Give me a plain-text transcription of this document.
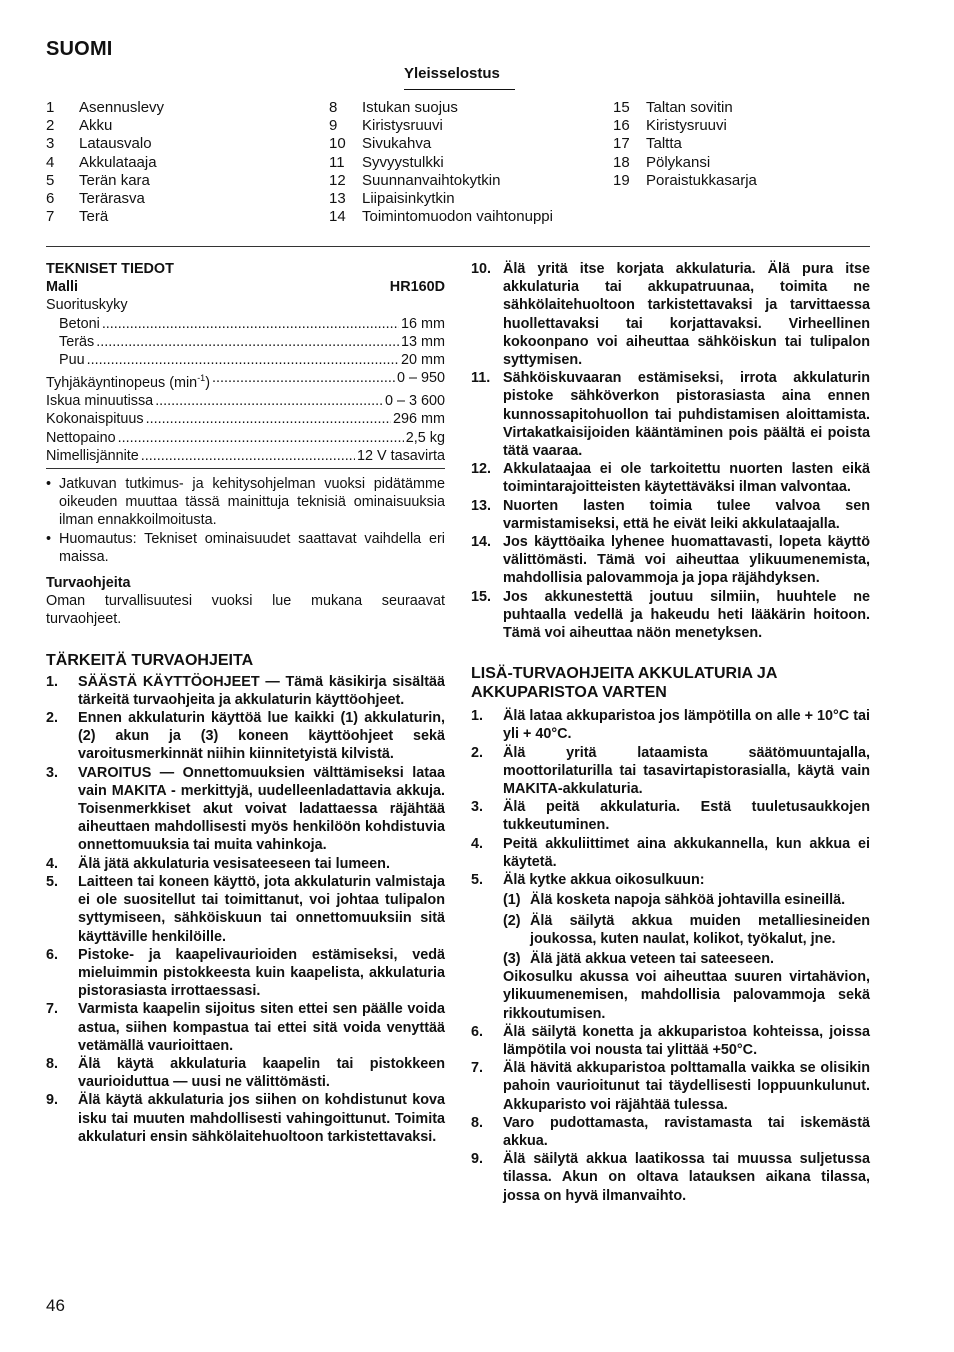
SUOMI
Yleisselostus
1	Asennuslevy
2	Akku
3	Latausvalo
4	Akkulataaja
5	Terän kara
6	Terärasva
7	Terä
8	Istukan suojus
9	Kiristysruuvi
10	Sivukahva
11	Syvyystulkki
12	Suunnanvaihtokytkin
13	Liipaisinkytkin
14	Toimintomuodon vaihtonuppi
15	Taltan sovitin
16	Kiristysruuvi
17	Taltta
18	Pölykansi
19	Poraistukkasarja
TEKNISET TIEDOT
Malli	HR160D
Suorituskyky
Betoni .....	16 mm
Teräs .....	13 mm
Puu .....	20 mm
Tyhjäkäyntinopeus $(\min^{-1})$ .....	0 – 950
Iskua minuutissa .....	0 – 3 600
Kokonaispituus .....	296 mm
Nettopaino .....	2,5 kg
Nimellisjännite .....	12 V tasavirta
• Jatkuvan tutkimus- ja kehitysohjelman vuoksi pidätämme oikeuden muuttaa tässä mainittuja teknisiä ominaisuuksia ilman ennakkoilmoitusta.
• Huomautus: Tekniset ominaisuudet saattavat vaihdella eri maissa.
Turvaohjeita
Oman turvallisuutesi vuoksi lue mukana seuraavat turvaohjeet.
TÄRKEITÄ TURVAOHJEITA
1.	SÄÄSTÄ KÄYTTÖOHJEET — Tämä käsikirja sisältää tärkeitä turvaohjeita ja akkulaturin käyttöohjeet.
2.	Ennen akkulaturin käyttöä lue kaikki (1) akkulaturin, (2) akun ja (3) koneen käyttöohjeet sekä varoitusmerkinnät niihin kiinnitetyistä kilvistä.
3.	VAROITUS — Onnettomuuksien välttämiseksi lataa vain MAKITA - merkittyjä, uudelleenladattavia akkuja. Toisenmerkkiset akut voivat ladattaessa räjähtää aiheuttaen mahdollisesti myös henkilöön kohdistuvia onnettomuuksia tai muita vahinkoja.
4.	Älä jätä akkulaturia vesisateeseen tai lumeen.
5.	Laitteen tai koneen käyttö, jota akkulaturin valmistaja ei ole suositellut tai toimittanut, voi johtaa tulipalon syttymiseen, sähköiskuun tai onnettomuuksiin sitä käyttäville henkilöille.
6.	Pistoke- ja kaapelivaurioiden estämiseksi, vedä mieluimmin pistokkeesta kuin kaapelista, akkulaturia pistorasiasta irrottaessasi.
7.	Varmista kaapelin sijoitus siten ettei sen päälle voida astua, siihen kompastua tai ettei sitä voida venyttää vetämällä vaurioittaen.
8.	Älä käytä akkulaturia kaapelin tai pistokkeen vaurioiduttua — uusi ne välittömästi.
9.	Älä käytä akkulaturia jos siihen on kohdistunut kova isku tai muuten mahdollisesti vahingoittunut. Toimita akkulaturi ensin sähkölaitehuoltoon tarkistettavaksi.
10. Älä yritä itse korjata akkulaturia. Älä pura itse akkulaturia tai akkupatruunaa, toimita ne sähkölaitehuoltoon tarkistettavaksi ja tarvittaessa huollettavaksi tai korjattavaksi. Virheellinen kokoonpano voi aiheuttaa sähköiskun tai tulipalon syttymisen.
11. Sähköiskuvaaran estämiseksi, irrota akkulaturin pistoke sähköverkon pistorasiasta aina ennen kunnossapitohuollon tai puhdistamisen aloittamista. Virtakatkaisijoiden kääntäminen pois päältä ei poista tätä vaaraa.
12. Akkulataajaa ei ole tarkoitettu nuorten lasten eikä toimintarajoitteisten käytettäväksi ilman valvontaa.
13. Nuorten lasten toimia tulee valvoa sen varmistamiseksi, että he eivät leiki akkulataajalla.
14. Jos käyttöaika lyhenee huomattavasti, lopeta käyttö välittömästi. Tämä voi aiheuttaa ylikuumenemista, mahdollisia palovammoja ja jopa räjähdyksen.
15. Jos akkunestettä joutuu silmiin, huuhtele ne puhtaalla vedellä ja hakeudu heti lääkärin hoitoon. Tämä voi aiheuttaa näön menetyksen.
LISÄ-TURVAOHJEITA AKKULATURIA JA AKKUPARISTOA VARTEN
1.	Älä lataa akkuparistoa jos lämpötilla on alle + 10°C tai yli + 40°C.
2.	Älä yritä lataamista säätömuuntajalla, moottorilaturilla tai tasavirtapistorasialla, käytä vain MAKITA-akkulaturia.
3.	Älä peitä akkulaturia. Estä tuuletusaukkojen tukkeutuminen.
4.	Peitä akkuliittimet aina akkukannella, kun akkua ei käytetä.
5.	Älä kytke akkua oikosulkuun:
(1) Älä kosketa napoja sähköä johtavilla esineillä.
(2) Älä säilytä akkua muiden metalliesineiden joukossa, kuten naulat, kolikot, työkalut, jne.
(3) Älä jätä akkua veteen tai sateeseen.
Oikosulku akussa voi aiheuttaa suuren virtahävion, ylikuumenemisen, mahdollisia palovammoja sekä rikkoutumisen.
6.	Älä säilytä konetta ja akkuparistoa kohteissa, joissa lämpötila voi nousta tai ylittää +50°C.
7.	Älä hävitä akkuparistoa polttamalla vaikka se olisikin pahoin vaurioitunut tai täydellisesti loppuunkulunut. Akkuparisto voi räjähtää tulessa.
8.	Varo pudottamasta, ravistamasta tai iskemästä akkua.
9.	Älä säilytä akkua laatikossa tai muussa suljetussa tilassa. Akun on oltava latauksen aikana tilassa, jossa on hyvä ilmanvaihto.
46
